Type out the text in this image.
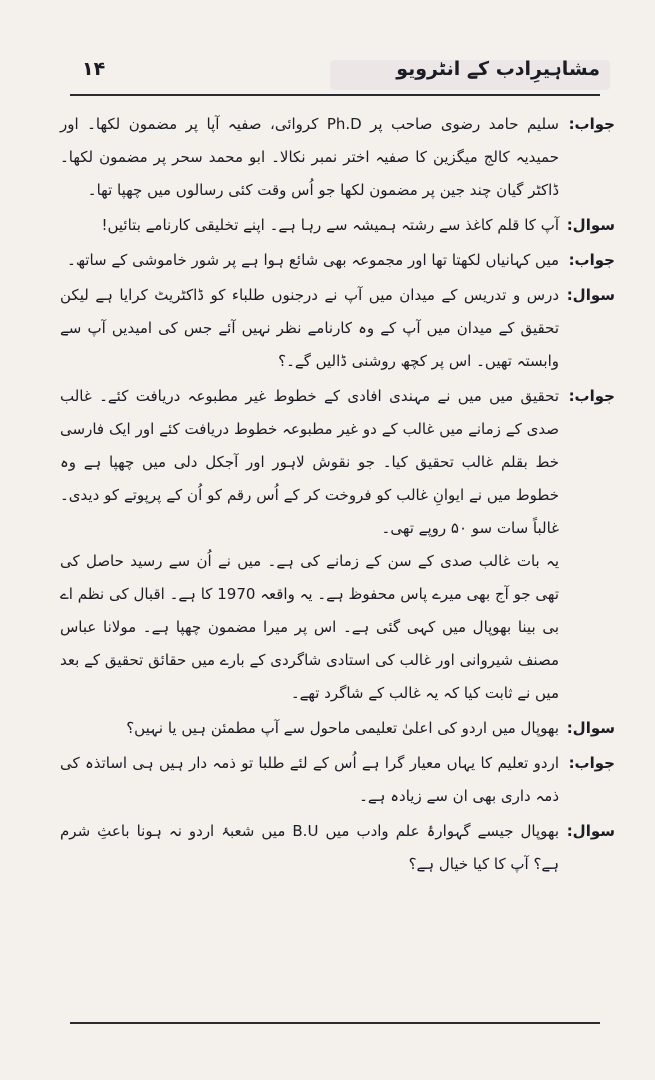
مشاہیرِادب کے انٹرویو
۱۴
جواب:

سلیم حامد رضوی صاحب پر Ph.D کروائی، صفیہ آپا پر مضمون لکھا۔ اور حمیدیہ کالج میگزین کا صفیہ اختر نمبر نکالا۔ ابو محمد سحر پر مضمون لکھا۔ ڈاکٹر گیان چند جین پر مضمون لکھا جو اُس وقت کئی رسالوں میں چھپا تھا۔

سوال:

آپ کا قلم کاغذ سے رشتہ ہمیشہ سے رہا ہے۔ اپنے تخلیقی کارنامے بتائیں!

جواب:

میں کہانیاں لکھتا تھا اور مجموعہ بھی شائع ہوا ہے پر شور خاموشی کے ساتھ۔

سوال:

درس و تدریس کے میدان میں آپ نے درجنوں طلباء کو ڈاکٹریٹ کرایا ہے لیکن تحقیق کے میدان میں آپ کے وہ کارنامے نظر نہیں آئے جس کی امیدیں آپ سے وابستہ تھیں۔ اس پر کچھ روشنی ڈالیں گے۔؟

جواب:

تحقیق میں میں نے مہندی افادی کے خطوط غیر مطبوعہ دریافت کئے۔ غالب صدی کے زمانے میں غالب کے دو غیر مطبوعہ خطوط دریافت کئے اور ایک فارسی خط بقلم غالب تحقیق کیا۔ جو نقوش لاہور اور آجکل دلی میں چھپا ہے وہ خطوط میں نے ایوانِ غالب کو فروخت کر کے اُس رقم کو اُن کے پرپوتے کو دیدی۔ غالباً سات سو ۵۰ روپے تھی۔

یہ بات غالب صدی کے سن کے زمانے کی ہے۔ میں نے اُن سے رسید حاصل کی تھی جو آج بھی میرے پاس محفوظ ہے۔ یہ واقعہ 1970 کا ہے۔ اقبال کی نظم اے بی بینا بھوپال میں کہی گئی ہے۔ اس پر میرا مضمون چھپا ہے۔ مولانا عباس مصنف شیروانی اور غالب کی استادی شاگردی کے بارے میں حقائق تحقیق کے بعد میں نے ثابت کیا کہ یہ غالب کے شاگرد تھے۔

سوال:

بھوپال میں اردو کی اعلیٰ تعلیمی ماحول سے آپ مطمئن ہیں یا نہیں؟

جواب:

اردو تعلیم کا یہاں معیار گرا ہے اُس کے لئے طلبا تو ذمہ دار ہیں ہی اساتذہ کی ذمہ داری بھی ان سے زیادہ ہے۔

سوال:

بھوپال جیسے گہوارۂ علم وادب میں B.U میں شعبۂ اردو نہ ہونا باعثِ شرم ہے؟ آپ کا کیا خیال ہے؟
